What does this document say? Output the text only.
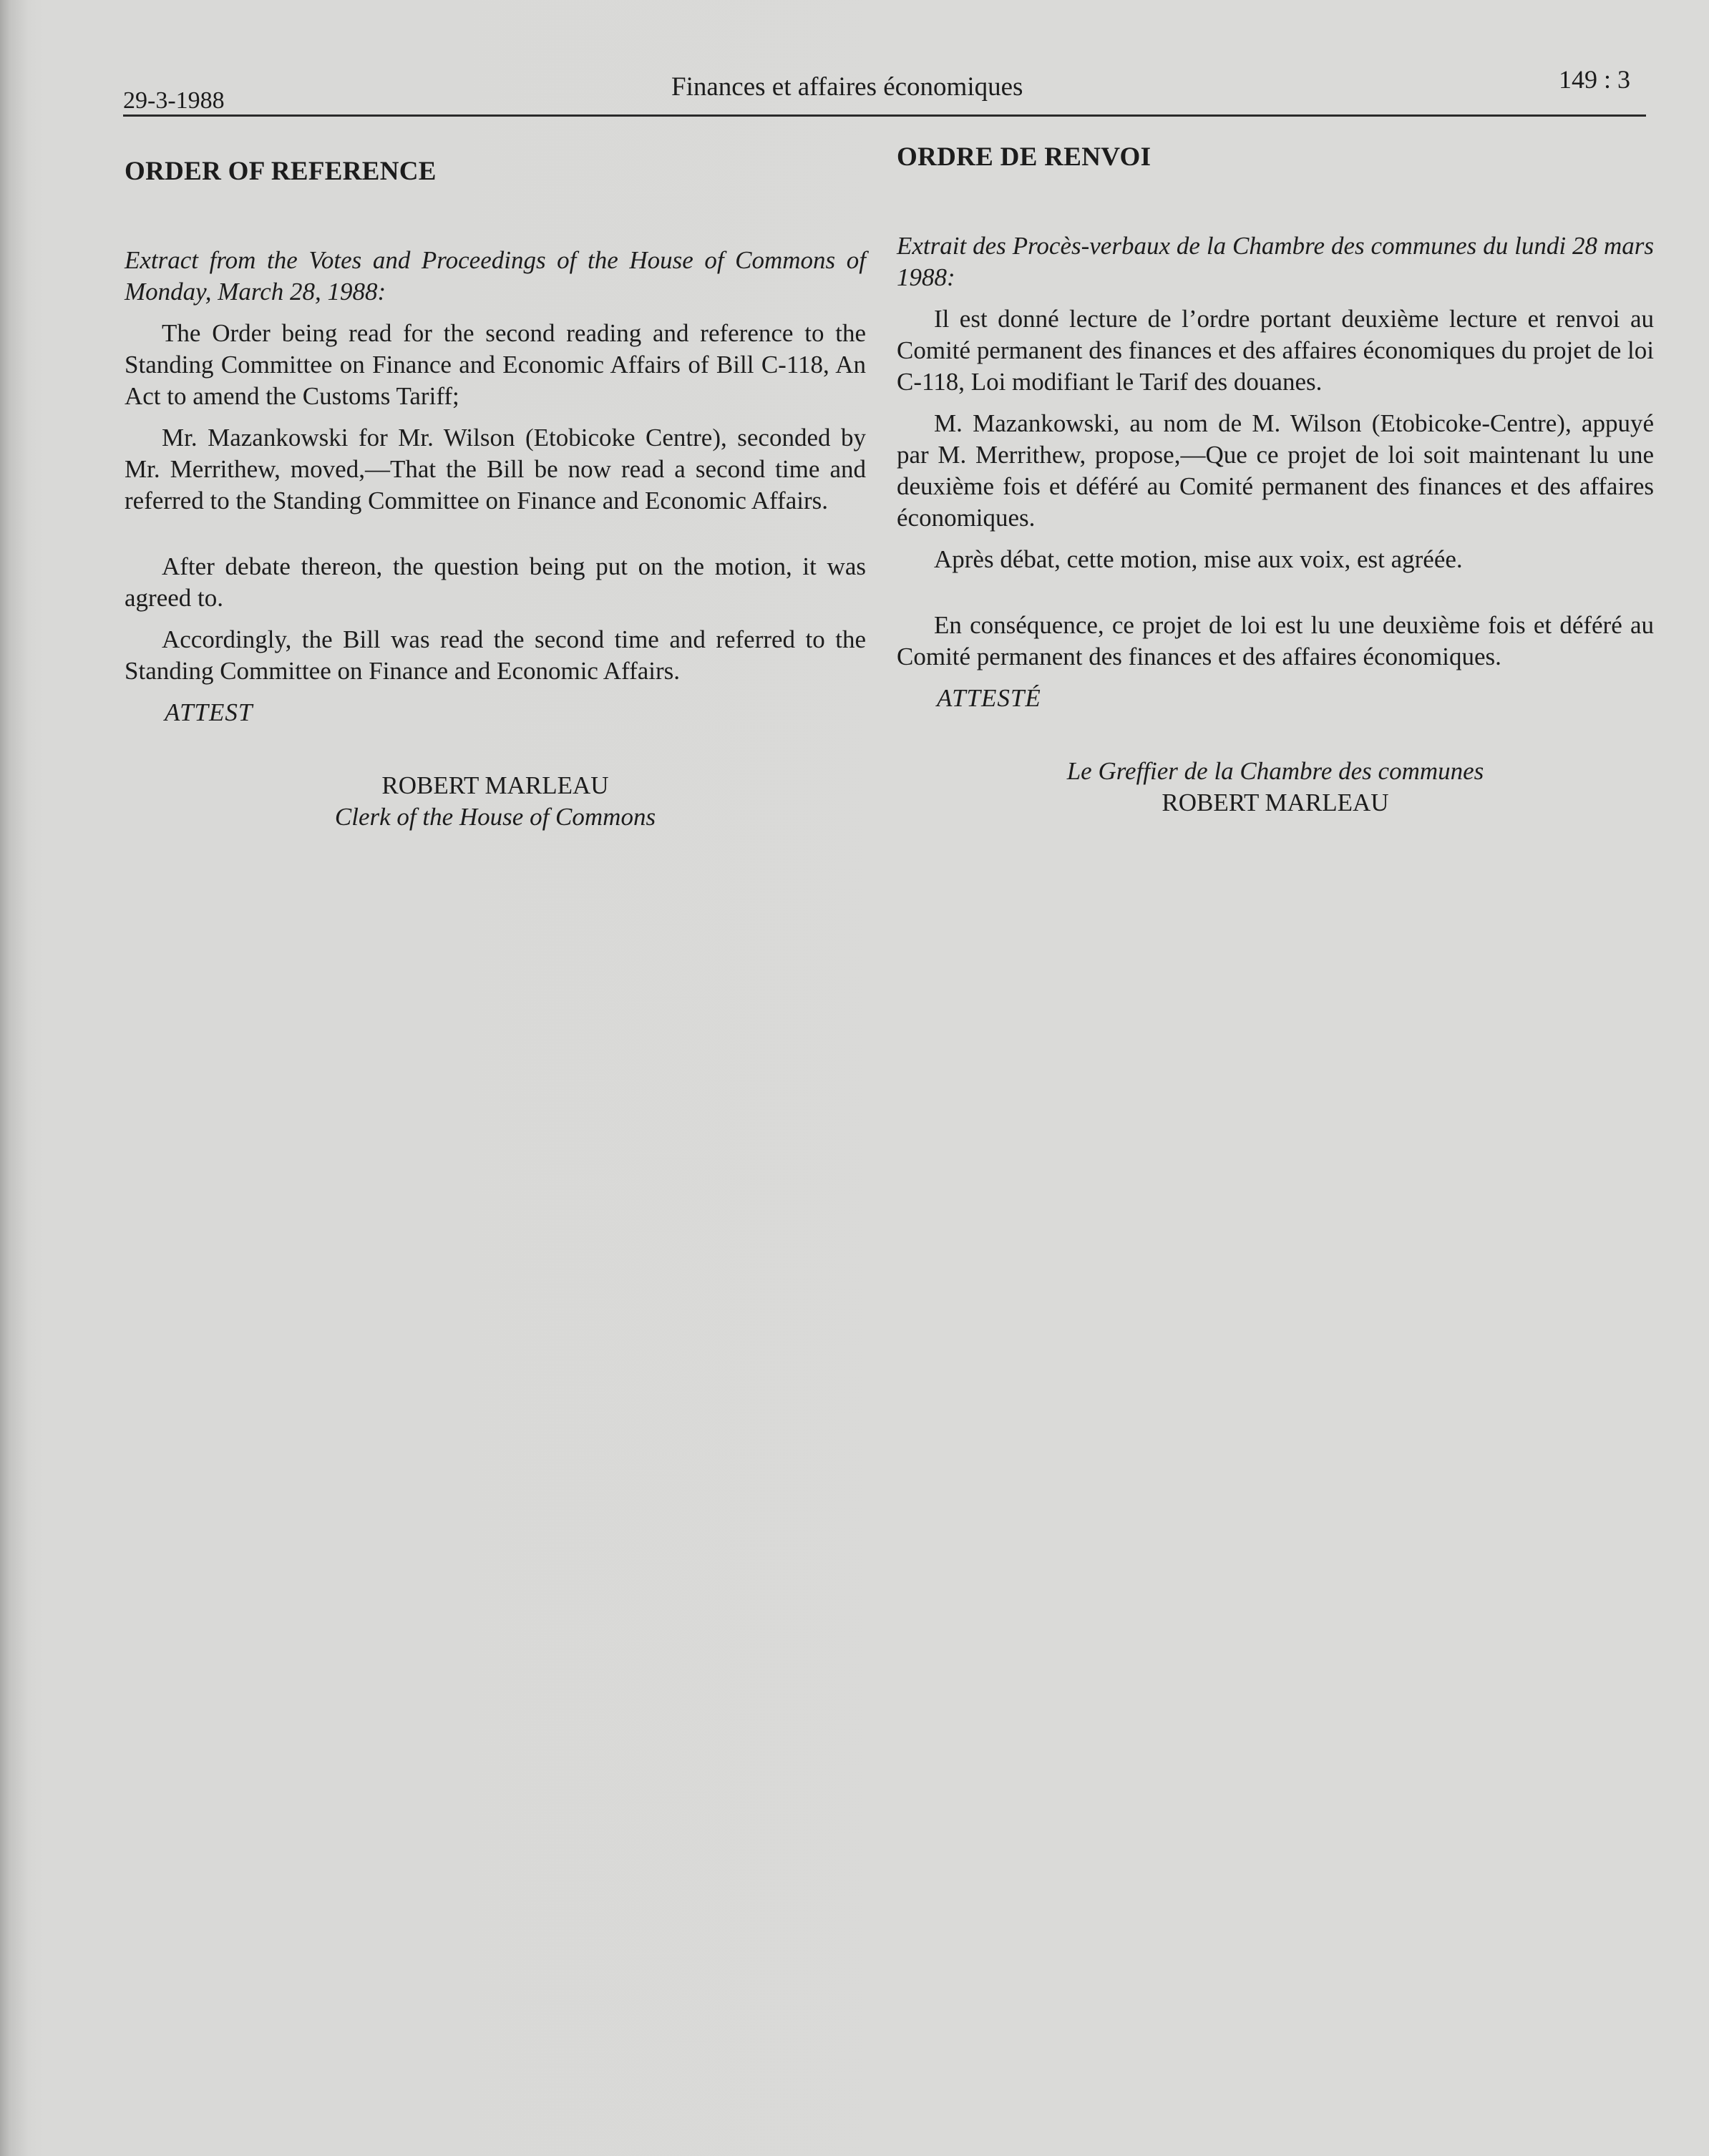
29-3-1988	Finances et affaires économiques	149 : 3
ORDER OF REFERENCE
Extract from the Votes and Proceedings of the House of Commons of Monday, March 28, 1988:

The Order being read for the second reading and reference to the Standing Committee on Finance and Economic Affairs of Bill C-118, An Act to amend the Customs Tariff;

Mr. Mazankowski for Mr. Wilson (Etobicoke Centre), seconded by Mr. Merrithew, moved,—That the Bill be now read a second time and referred to the Standing Committee on Finance and Economic Affairs.

After debate thereon, the question being put on the motion, it was agreed to.

Accordingly, the Bill was read the second time and referred to the Standing Committee on Finance and Economic Affairs.

ATTEST
ROBERT MARLEAU
Clerk of the House of Commons
ORDRE DE RENVOI
Extrait des Procès-verbaux de la Chambre des communes du lundi 28 mars 1988:

Il est donné lecture de l’ordre portant deuxième lecture et renvoi au Comité permanent des finances et des affaires économiques du projet de loi C-118, Loi modifiant le Tarif des douanes.

M. Mazankowski, au nom de M. Wilson (Etobicoke-Centre), appuyé par M. Merrithew, propose,—Que ce projet de loi soit maintenant lu une deuxième fois et déféré au Comité permanent des finances et des affaires économiques.

Après débat, cette motion, mise aux voix, est agréée.

En conséquence, ce projet de loi est lu une deuxième fois et déféré au Comité permanent des finances et des affaires économiques.

ATTESTÉ
Le Greffier de la Chambre des communes
ROBERT MARLEAU
